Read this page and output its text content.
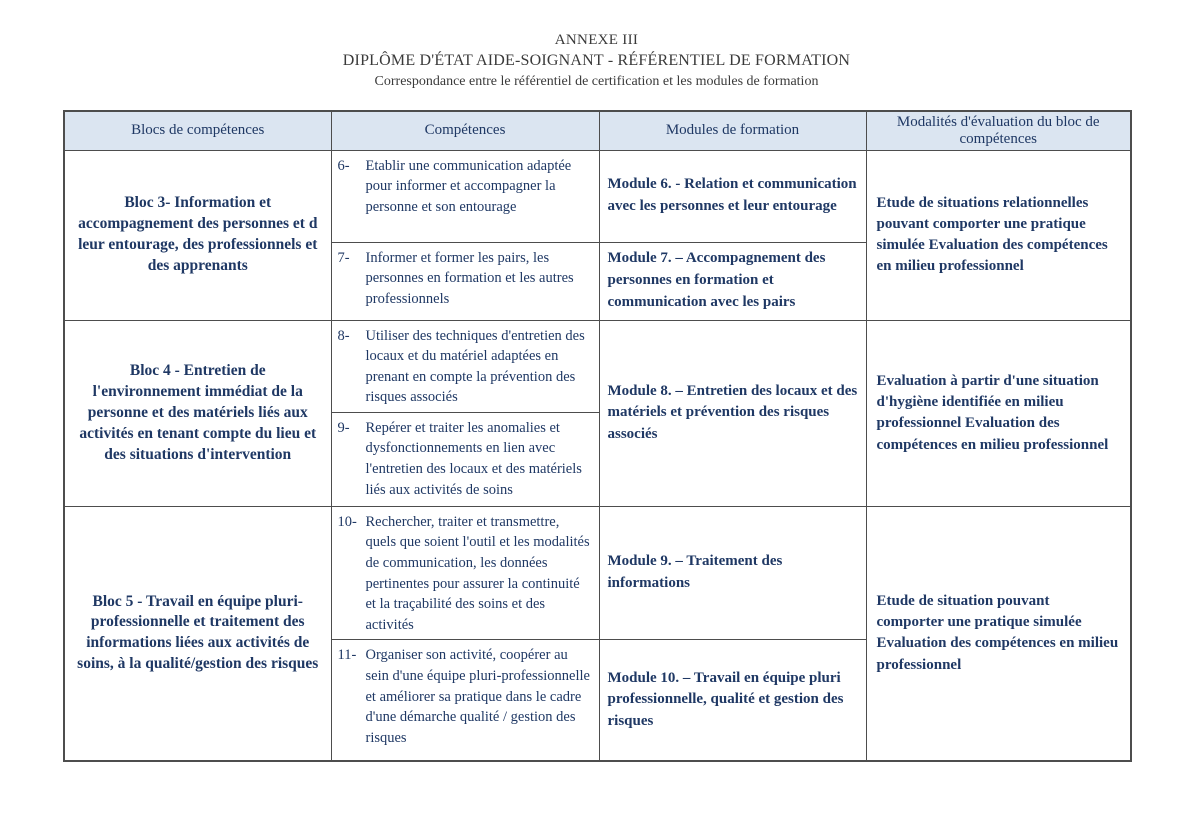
ANNEXE III
DIPLÔME D'ÉTAT AIDE-SOIGNANT - RÉFÉRENTIEL DE FORMATION
Correspondance entre le référentiel de certification et les modules de formation
Blocs de compétences	Compétences	Modules de formation	Modalités d'évaluation du bloc de compétences
Bloc 3- Information et accompagnement des personnes et d leur entourage, des professionnels et des apprenants	6- Etablir une communication adaptée pour informer et accompagner la personne et son entourage	Module 6. - Relation et communication avec les personnes et leur entourage	Etude de situations relationnelles pouvant comporter une pratique simulée Evaluation des compétences en milieu professionnel

	7- Informer et former les pairs, les personnes en formation et les autres professionnels	Module 7. – Accompagnement des personnes en formation et communication avec les pairs	
Bloc 4 - Entretien de l'environnement immédiat de la personne et des matériels liés aux activités en tenant compte du lieu et des situations d'intervention	8- Utiliser des techniques d'entretien des locaux et du matériel adaptées en prenant en compte la prévention des risques associés	Module 8. – Entretien des locaux et des matériels et prévention des risques associés	Evaluation à partir d'une situation d'hygiène identifiée en milieu professionnel Evaluation des compétences en milieu professionnel

	9- Repérer et traiter les anomalies et dysfonctionnements en lien avec l'entretien des locaux et des matériels liés aux activités de soins		

Bloc 5 - Travail en équipe pluri-professionnelle et traitement des informations liées aux activités de soins, à la qualité/gestion des risques	10- Rechercher, traiter et transmettre, quels que soient l'outil et les modalités de communication, les données pertinentes pour assurer la continuité et la traçabilité des soins et des activités	Module 9. – Traitement des informations	Etude de situation pouvant comporter une pratique simulée Evaluation des compétences en milieu professionnel

	11- Organiser son activité, coopérer au sein d'une équipe pluri-professionnelle et améliorer sa pratique dans le cadre d'une démarche qualité / gestion des risques	Module 10. – Travail en équipe pluri professionnelle, qualité et gestion des risques	
